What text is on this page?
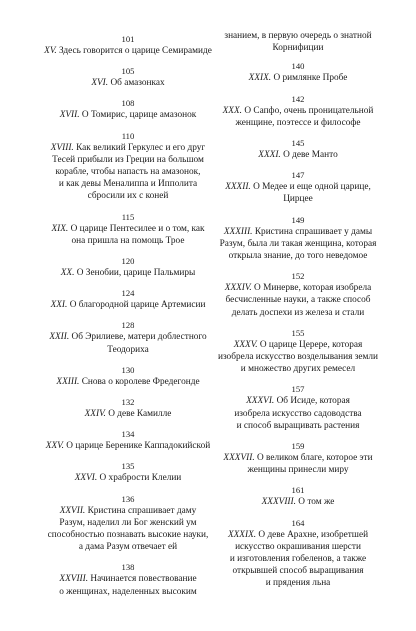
101
XV. Здесь говорится о царице Семирамиде
105
XVI. Об амазонках
108
XVII. О Томирис, царице амазонок
110
XVIII. Как великий Геркулес и его друг
Тесей прибыли из Греции на большом
корабле, чтобы напасть на амазонок,
и как девы Меналиппа и Ипполита
сбросили их с коней
115
XIX. О царице Пентесилее и о том, как
она пришла на помощь Трое
120
XX. О Зенобии, царице Пальмиры
124
XXI. О благородной царице Артемисии
128
XXII. Об Эрилиеве, матери доблестного
Теодориха
130
XXIII. Снова о королеве Фредегонде
132
XXIV. О деве Камилле
134
XXV. О царице Беренике Каппадокийской
135
XXVI. О храбрости Клелии
136
XXVII. Кристина спрашивает даму
Разум, наделил ли Бог женский ум
способностью познавать высокие науки,
а дама Разум отвечает ей
138
XXVIII. Начинается повествование
о женщинах, наделенных высоким
знанием, в первую очередь о знатной
Корнифиции
140
XXIX. О римлянке Пробе
142
XXX. О Сапфо, очень проницательной
женщине, поэтессе и философе
145
XXXI. О деве Манто
147
XXXII. О Медее и еще одной царице,
Цирцее
149
XXXIII. Кристина спрашивает у дамы
Разум, была ли такая женщина, которая
открыла знание, до того неведомое
152
XXXIV. О Минерве, которая изобрела
бесчисленные науки, а также способ
делать доспехи из железа и стали
155
XXXV. О царице Церере, которая
изобрела искусство возделывания земли
и множество других ремесел
157
XXXVI. Об Исиде, которая
изобрела искусство садоводства
и способ выращивать растения
159
XXXVII. О великом благе, которое эти
женщины принесли миру
161
XXXVIII. О том же
164
XXXIX. О деве Арахне, изобретшей
искусство окрашивания шерсти
и изготовления гобеленов, а также
открывшей способ выращивания
и прядения льна
